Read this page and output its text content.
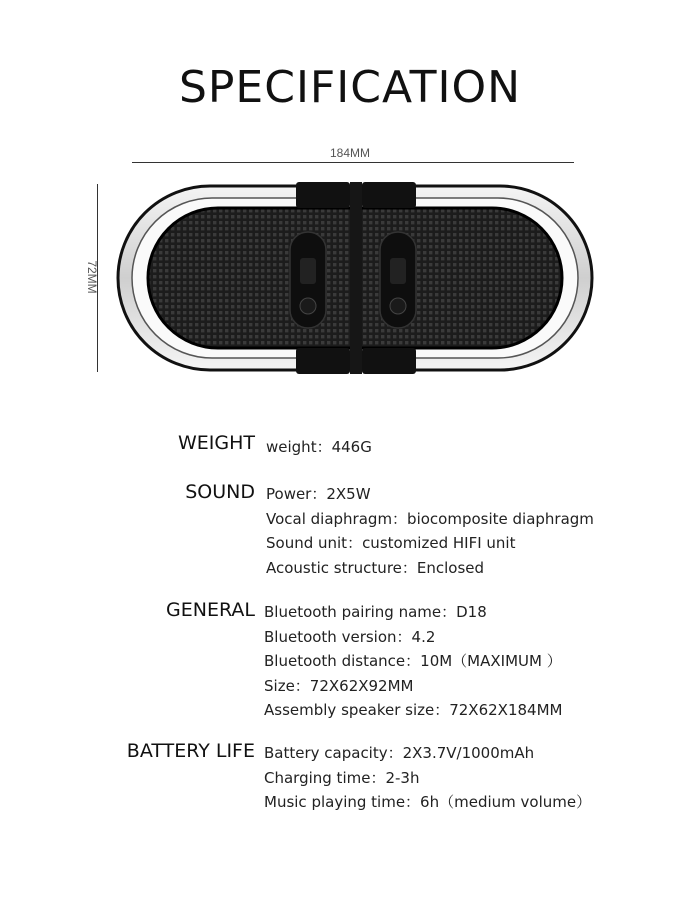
SPECIFICATION
184MM
72MM
WEIGHT weight：446G
SOUND Power：2X5W
Vocal diaphragm：biocomposite diaphragm
Sound unit：customized HIFI unit
Acoustic structure：Enclosed
GENERAL Bluetooth pairing name：D18
Bluetooth version：4.2
Bluetooth distance：10M（MAXIMUM ）
Size：72X62X92MM
Assembly speaker size：72X62X184MM
BATTERY LIFE Battery capacity：2X3.7V/1000mAh
Charging time：2-3h
Music playing time：6h（medium volume）
